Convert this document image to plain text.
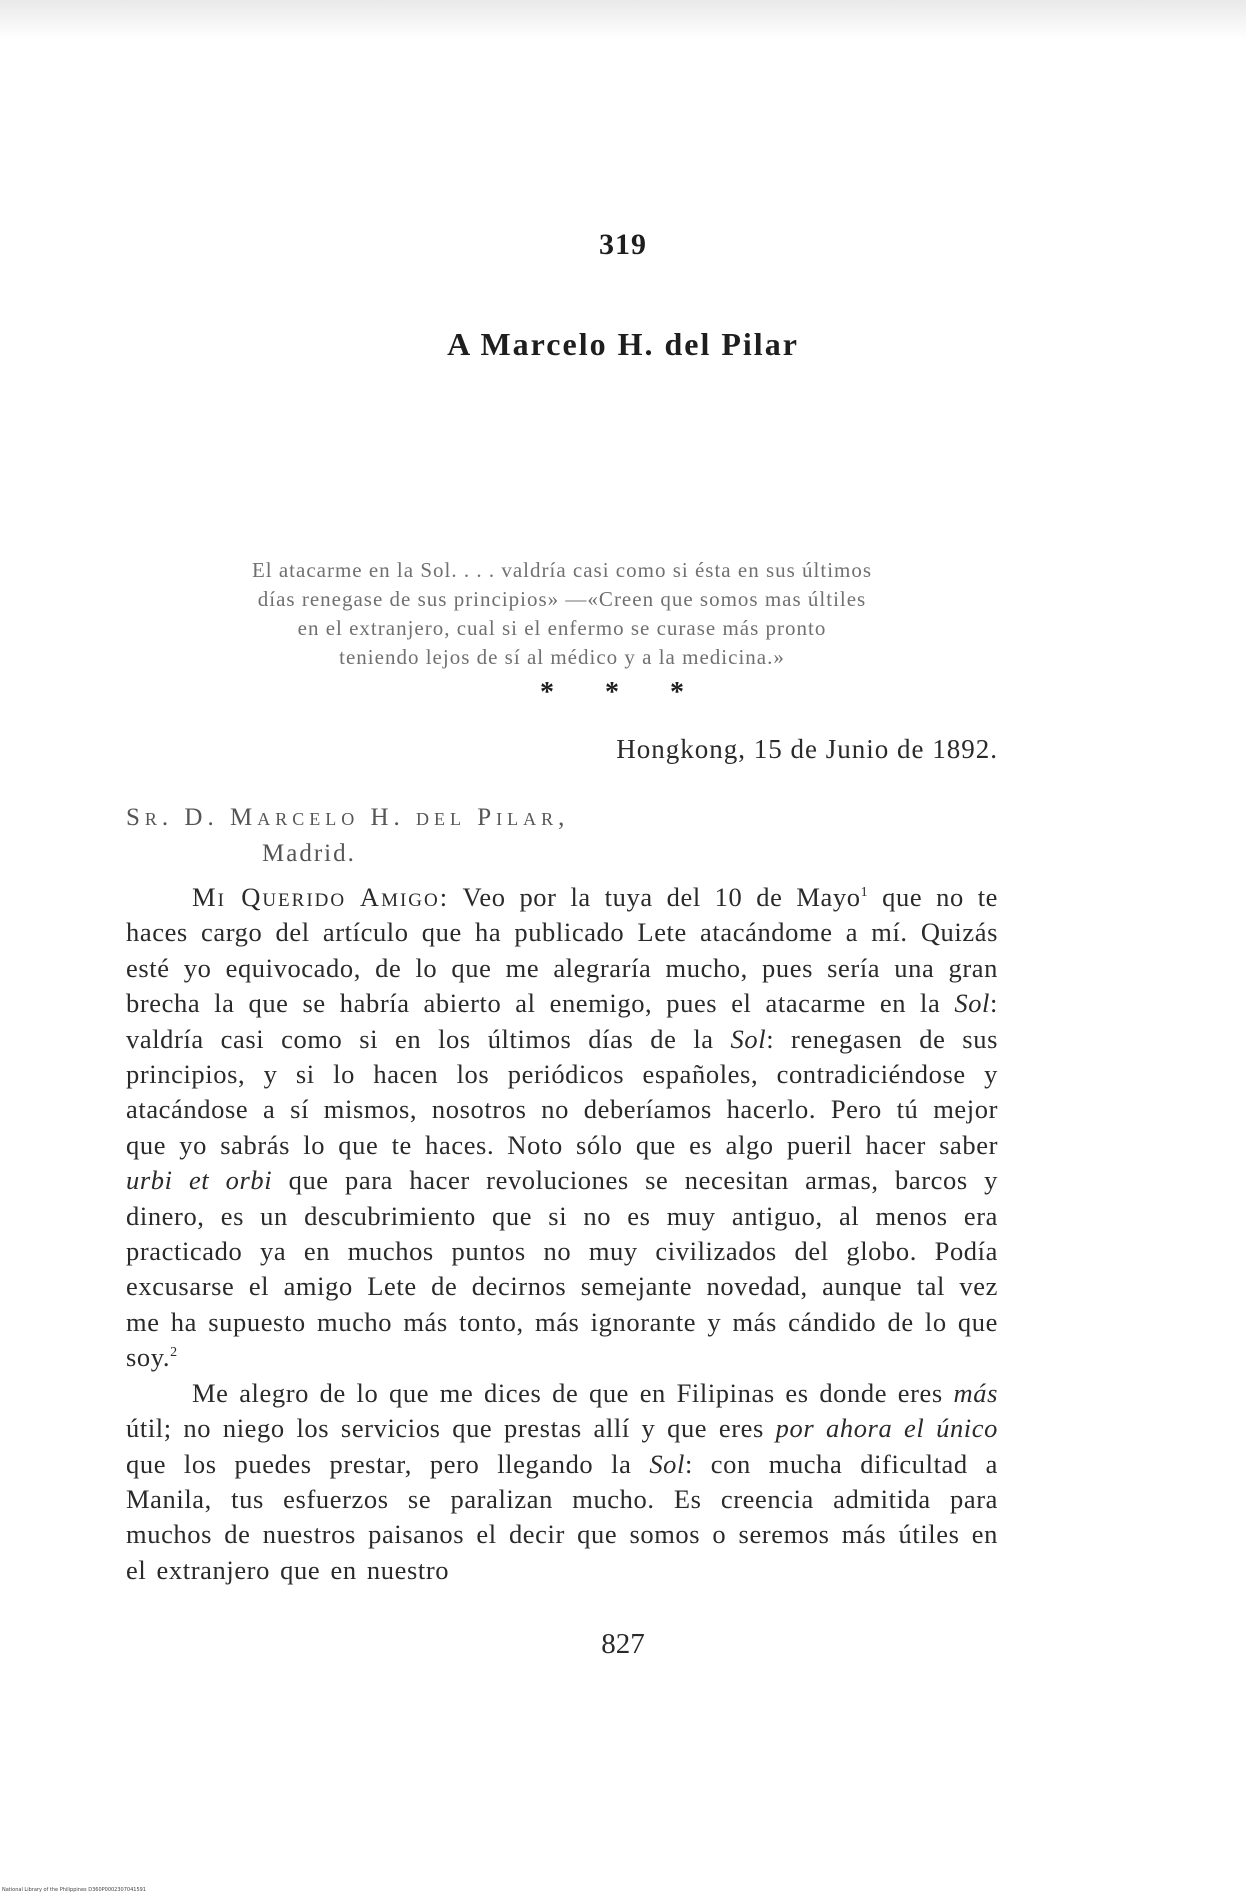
319
A Marcelo H. del Pilar

El atacarme en la Sol. . . . valdría casi como si ésta en sus últimos

días renegase de sus principios» —«Creen que somos mas últiles

en el extranjero, cual si el enfermo se curase más pronto

teniendo lejos de sí al médico y a la medicina.»

* * *
Hongkong, 15 de Junio de 1892.
Sr. D. Marcelo H. del Pilar,
Madrid.

Mi Querido Amigo: Veo por la tuya del 10 de Mayo$^1$ que no te haces cargo del artículo que ha publicado Lete atacándome a mí. Quizás esté yo equivocado, de lo que me alegraría mucho, pues sería una gran brecha la que se habría abierto al enemigo, pues el atacarme en la Sol: valdría casi como si en los últimos días de la Sol: renegasen de sus principios, y si lo hacen los periódicos españoles, contradiciéndose y atacándose a sí mismos, nosotros no deberíamos hacerlo. Pero tú mejor que yo sabrás lo que te haces. Noto sólo que es algo pueril hacer saber urbi et orbi que para hacer revoluciones se necesitan armas, barcos y dinero, es un descubrimiento que si no es muy antiguo, al menos era practicado ya en muchos puntos no muy civilizados del globo. Podía excusarse el amigo Lete de decirnos semejante novedad, aunque tal vez me ha supuesto mucho más tonto, más ignorante y más cándido de lo que soy.$^2$

Me alegro de lo que me dices de que en Filipinas es donde eres más útil; no niego los servicios que prestas allí y que eres por ahora el único que los puedes prestar, pero llegando la Sol: con mucha dificultad a Manila, tus esfuerzos se paralizan mucho. Es creencia admitida para muchos de nuestros paisanos el decir que somos o seremos más útiles en el extranjero que en nuestro

827
National Library of the Philippines D360P0002307041591
